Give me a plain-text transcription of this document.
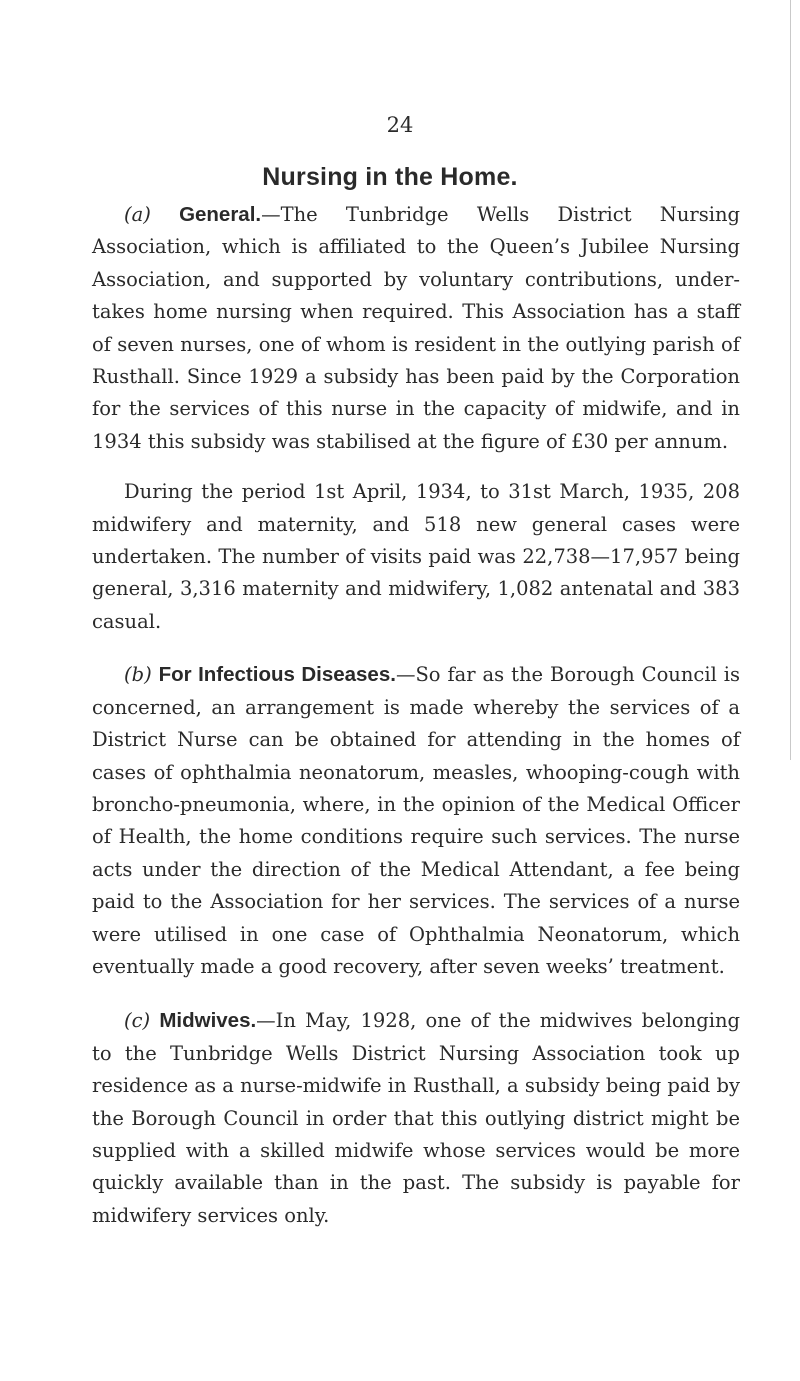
24
Nursing in the Home.

(a) General.—The Tunbridge Wells District Nursing Association, which is affiliated to the Queen’s Jubilee Nursing Association, and supported by voluntary contributions, undertakes home nursing when required. This Association has a staff of seven nurses, one of whom is resident in the outlying parish of Rusthall. Since 1929 a subsidy has been paid by the Corporation for the services of this nurse in the capacity of midwife, and in 1934 this subsidy was stabilised at the figure of £30 per annum.

During the period 1st April, 1934, to 31st March, 1935, 208 midwifery and maternity, and 518 new general cases were undertaken. The number of visits paid was 22,738—17,957 being general, 3,316 maternity and midwifery, 1,082 antenatal and 383 casual.

(b) For Infectious Diseases.—So far as the Borough Council is concerned, an arrangement is made whereby the services of a District Nurse can be obtained for attending in the homes of cases of ophthalmia neonatorum, measles, whooping-cough with broncho-pneumonia, where, in the opinion of the Medical Officer of Health, the home conditions require such services. The nurse acts under the direction of the Medical Attendant, a fee being paid to the Association for her services. The services of a nurse were utilised in one case of Ophthalmia Neonatorum, which eventually made a good recovery, after seven weeks’ treatment.

(c) Midwives.—In May, 1928, one of the midwives belonging to the Tunbridge Wells District Nursing Association took up residence as a nurse-midwife in Rusthall, a subsidy being paid by the Borough Council in order that this outlying district might be supplied with a skilled midwife whose services would be more quickly available than in the past. The subsidy is payable for midwifery services only.
